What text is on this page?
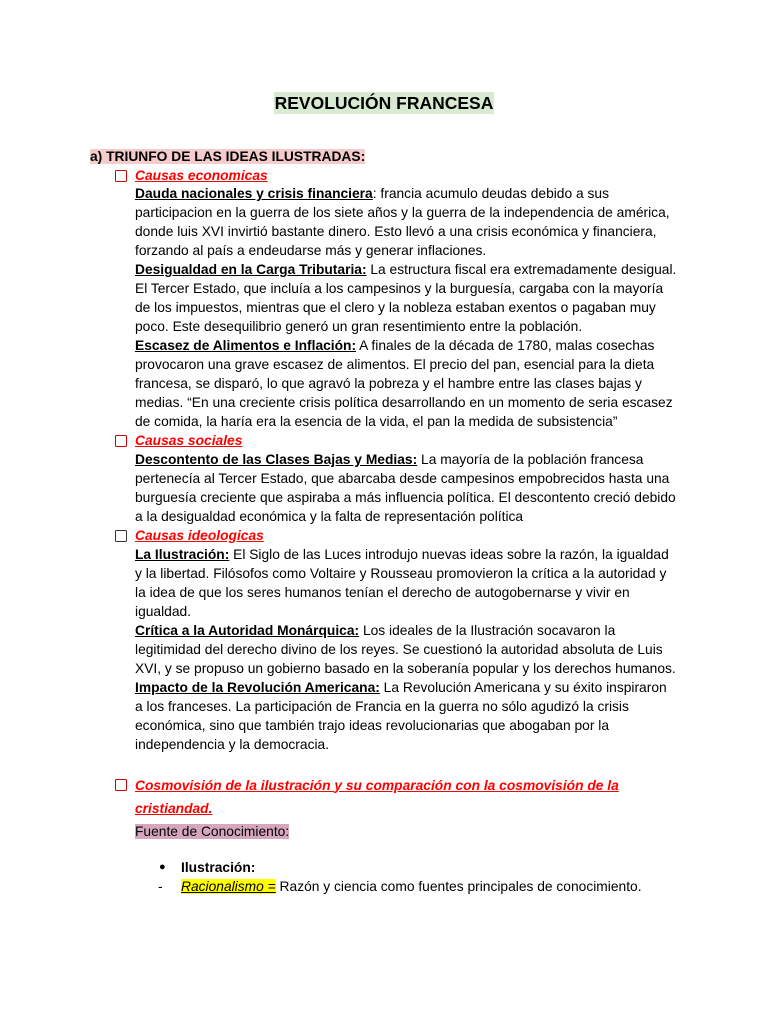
REVOLUCIÓN FRANCESA
a) TRIUNFO DE LAS IDEAS ILUSTRADAS:
Causas economicas
Dauda nacionales y crisis financiera: francia acumulo deudas debido a sus
participacion en la guerra de los siete años y la guerra de la independencia de américa,
donde luis XVI invirtió bastante dinero. Esto llevó a una crisis económica y financiera,
forzando al país a endeudarse más y generar inflaciones.
Desigualdad en la Carga Tributaria: La estructura fiscal era extremadamente desigual.
El Tercer Estado, que incluía a los campesinos y la burguesía, cargaba con la mayoría
de los impuestos, mientras que el clero y la nobleza estaban exentos o pagaban muy
poco. Este desequilibrio generó un gran resentimiento entre la población.
Escasez de Alimentos e Inflación: A finales de la década de 1780, malas cosechas
provocaron una grave escasez de alimentos. El precio del pan, esencial para la dieta
francesa, se disparó, lo que agravó la pobreza y el hambre entre las clases bajas y
medias. “En una creciente crisis política desarrollando en un momento de seria escasez
de comida, la haría era la esencia de la vida, el pan la medida de subsistencia”
Causas sociales
Descontento de las Clases Bajas y Medias: La mayoría de la población francesa
pertenecía al Tercer Estado, que abarcaba desde campesinos empobrecidos hasta una
burguesía creciente que aspiraba a más influencia política. El descontento creció debido
a la desigualdad económica y la falta de representación política
Causas ideologicas
La Ilustración: El Siglo de las Luces introdujo nuevas ideas sobre la razón, la igualdad
y la libertad. Filósofos como Voltaire y Rousseau promovieron la crítica a la autoridad y
la idea de que los seres humanos tenían el derecho de autogobernarse y vivir en
igualdad.
Crítica a la Autoridad Monárquica: Los ideales de la Ilustración socavaron la
legitimidad del derecho divino de los reyes. Se cuestionó la autoridad absoluta de Luis
XVI, y se propuso un gobierno basado en la soberanía popular y los derechos humanos.
Impacto de la Revolución Americana: La Revolución Americana y su éxito inspiraron
a los franceses. La participación de Francia en la guerra no sólo agudizó la crisis
económica, sino que también trajo ideas revolucionarias que abogaban por la
independencia y la democracia.
Cosmovisión de la ilustración y su comparación con la cosmovisión de la
cristiandad.
Fuente de Conocimiento:
● Ilustración:
- Racionalismo = Razón y ciencia como fuentes principales de conocimiento.
